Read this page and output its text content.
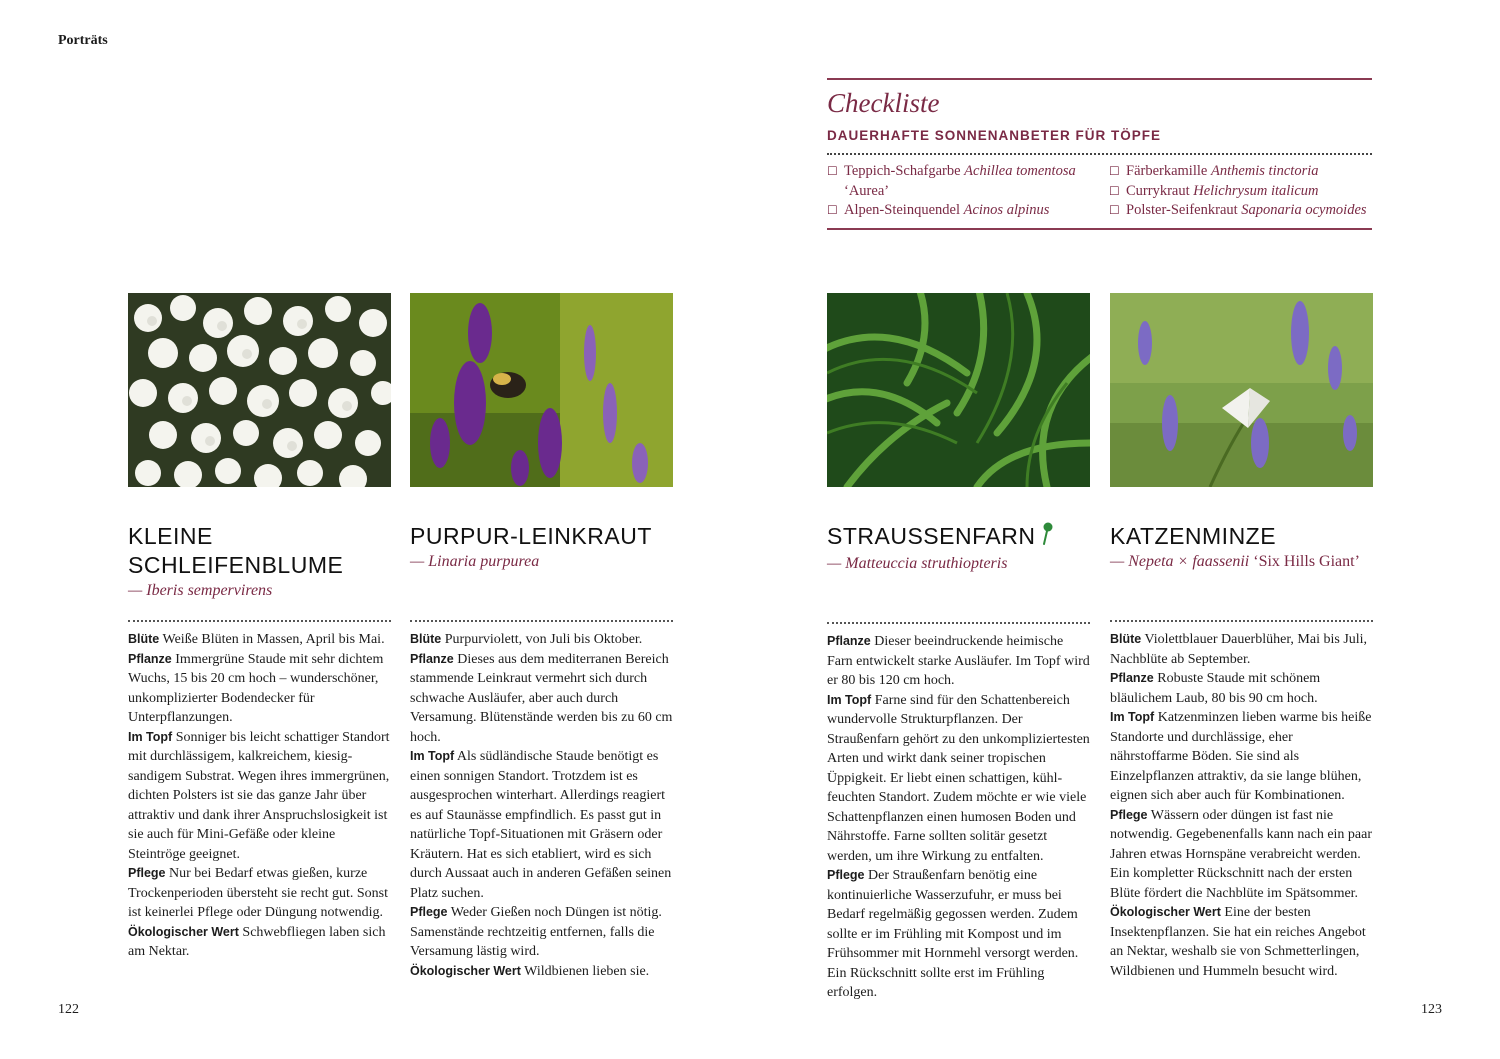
Porträts
Checkliste
DAUERHAFTE SONNENANBETER FÜR TÖPFE
☐ Teppich-Schafgarbe Achillea tomentosa
‘Aurea’
☐ Alpen-Steinquendel Acinos alpinus
☐ Färberkamille Anthemis tinctoria
☐ Currykraut Helichrysum italicum
☐ Polster-Seifenkraut Saponaria ocymoides
KLEINE
SCHLEIFENBLUME
— Iberis sempervirens
Blüte Weiße Blüten in Massen, April bis Mai.
Pflanze Immergrüne Staude mit sehr dichtem Wuchs, 15 bis 20 cm hoch – wunderschöner, unkomplizierter Bodendecker für Unterpflanzungen.
Im Topf Sonniger bis leicht schattiger Standort mit durchlässigem, kalkreichem, kiesig-sandigem Substrat. Wegen ihres immergrünen, dichten Polsters ist sie das ganze Jahr über attraktiv und dank ihrer Anspruchslosigkeit ist sie auch für Mini-Gefäße oder kleine Steintröge geeignet.
Pflege Nur bei Bedarf etwas gießen, kurze Trockenperioden übersteht sie recht gut. Sonst ist keinerlei Pflege oder Düngung notwendig.
Ökologischer Wert Schwebfliegen laben sich am Nektar.
PURPUR-LEINKRAUT
— Linaria purpurea
Blüte Purpurviolett, von Juli bis Oktober.
Pflanze Dieses aus dem mediterranen Bereich stammende Leinkraut vermehrt sich durch schwache Ausläufer, aber auch durch Versamung. Blütenstände werden bis zu 60 cm hoch.
Im Topf Als südländische Staude benötigt es einen sonnigen Standort. Trotzdem ist es ausgesprochen winterhart. Allerdings reagiert es auf Staunässe empfindlich. Es passt gut in natürliche Topf-Situationen mit Gräsern oder Kräutern. Hat es sich etabliert, wird es sich durch Aussaat auch in anderen Gefäßen seinen Platz suchen.
Pflege Weder Gießen noch Düngen ist nötig. Samenstände rechtzeitig entfernen, falls die Versamung lästig wird.
Ökologischer Wert Wildbienen lieben sie.
STRAUSSENFARN
— Matteuccia struthiopteris
Pflanze Dieser beeindruckende heimische Farn entwickelt starke Ausläufer. Im Topf wird er 80 bis 120 cm hoch.
Im Topf Farne sind für den Schattenbereich wundervolle Strukturpflanzen. Der Straußenfarn gehört zu den unkompliziertesten Arten und wirkt dank seiner tropischen Üppigkeit. Er liebt einen schattigen, kühl-feuchten Standort. Zudem möchte er wie viele Schattenpflanzen einen humosen Boden und Nährstoffe. Farne sollten solitär gesetzt werden, um ihre Wirkung zu entfalten.
Pflege Der Straußenfarn benötig eine kontinuierliche Wasserzufuhr, er muss bei Bedarf regelmäßig gegossen werden. Zudem sollte er im Frühling mit Kompost und im Frühsommer mit Hornmehl versorgt werden. Ein Rückschnitt sollte erst im Frühling erfolgen.
KATZENMINZE
— Nepeta × faassenii ‘Six Hills Giant’
Blüte Violettblauer Dauerblüher, Mai bis Juli, Nachblüte ab September.
Pflanze Robuste Staude mit schönem bläulichem Laub, 80 bis 90 cm hoch.
Im Topf Katzenminzen lieben warme bis heiße Standorte und durchlässige, eher nährstoffarme Böden. Sie sind als Einzelpflanzen attraktiv, da sie lange blühen, eignen sich aber auch für Kombinationen.
Pflege Wässern oder düngen ist fast nie notwendig. Gegebenenfalls kann nach ein paar Jahren etwas Hornspäne verabreicht werden. Ein kompletter Rückschnitt nach der ersten Blüte fördert die Nachblüte im Spätsommer.
Ökologischer Wert Eine der besten Insektenpflanzen. Sie hat ein reiches Angebot an Nektar, weshalb sie von Schmetterlingen, Wildbienen und Hummeln besucht wird.
122	123
